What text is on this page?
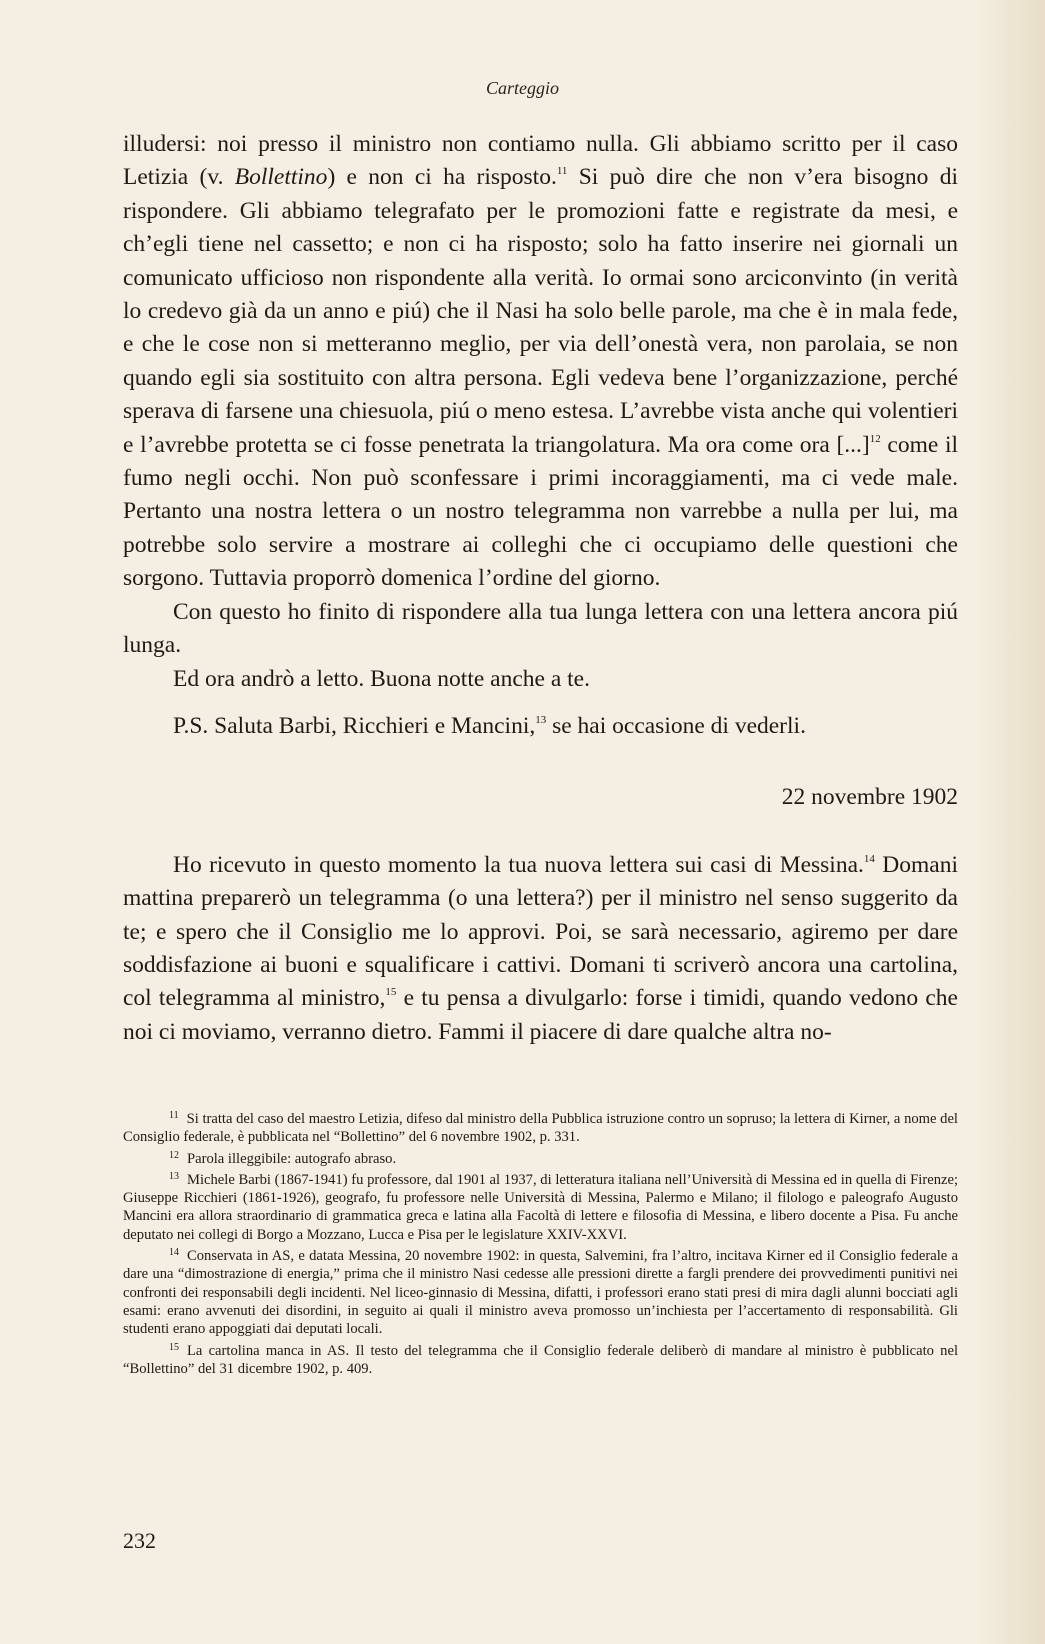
Carteggio

illudersi: noi presso il ministro non contiamo nulla. Gli abbiamo scritto per il caso Letizia (v. Bollettino) e non ci ha risposto.$^{11}$ Si può dire che non v’era bisogno di rispondere. Gli abbiamo telegrafato per le promozioni fatte e registrate da mesi, e ch’egli tiene nel cassetto; e non ci ha risposto; solo ha fatto inserire nei giornali un comunicato ufficioso non rispondente alla verità. Io ormai sono arciconvinto (in verità lo credevo già da un anno e piú) che il Nasi ha solo belle parole, ma che è in mala fede, e che le cose non si metteranno meglio, per via dell’onestà vera, non parolaia, se non quando egli sia sostituito con altra persona. Egli vedeva bene l’organizzazione, perché sperava di farsene una chiesuola, piú o meno estesa. L’avrebbe vista anche qui volentieri e l’avrebbe protetta se ci fosse penetrata la triangolatura. Ma ora come ora [...]$^{12}$ come il fumo negli occhi. Non può sconfessare i primi incoraggiamenti, ma ci vede male. Pertanto una nostra lettera o un nostro telegramma non varrebbe a nulla per lui, ma potrebbe solo servire a mostrare ai colleghi che ci occupiamo delle questioni che sorgono. Tuttavia proporrò domenica l’ordine del giorno.

Con questo ho finito di rispondere alla tua lunga lettera con una lettera ancora piú lunga.

Ed ora andrò a letto. Buona notte anche a te.

P.S. Saluta Barbi, Ricchieri e Mancini,$^{13}$ se hai occasione di vederli.

22 novembre 1902

Ho ricevuto in questo momento la tua nuova lettera sui casi di Messina.$^{14}$ Domani mattina preparerò un telegramma (o una lettera?) per il ministro nel senso suggerito da te; e spero che il Consiglio me lo approvi. Poi, se sarà necessario, agiremo per dare soddisfazione ai buoni e squalificare i cattivi. Domani ti scriverò ancora una cartolina, col telegramma al ministro,$^{15}$ e tu pensa a divulgarlo: forse i timidi, quando vedono che noi ci moviamo, verranno dietro. Fammi il piacere di dare qualche altra no-

$^{11}$ Si tratta del caso del maestro Letizia, difeso dal ministro della Pubblica istruzione contro un sopruso; la lettera di Kirner, a nome del Consiglio federale, è pubblicata nel “Bollettino” del 6 novembre 1902, p. 331.

$^{12}$ Parola illeggibile: autografo abraso.

$^{13}$ Michele Barbi (1867-1941) fu professore, dal 1901 al 1937, di letteratura italiana nell’Università di Messina ed in quella di Firenze; Giuseppe Ricchieri (1861-1926), geografo, fu professore nelle Università di Messina, Palermo e Milano; il filologo e paleografo Augusto Mancini era allora straordinario di grammatica greca e latina alla Facoltà di lettere e filosofia di Messina, e libero docente a Pisa. Fu anche deputato nei collegi di Borgo a Mozzano, Lucca e Pisa per le legislature XXIV-XXVI.

$^{14}$ Conservata in AS, e datata Messina, 20 novembre 1902: in questa, Salvemini, fra l’altro, incitava Kirner ed il Consiglio federale a dare una “dimostrazione di energia,” prima che il ministro Nasi cedesse alle pressioni dirette a fargli prendere dei provvedimenti punitivi nei confronti dei responsabili degli incidenti. Nel liceo-ginnasio di Messina, difatti, i professori erano stati presi di mira dagli alunni bocciati agli esami: erano avvenuti dei disordini, in seguito ai quali il ministro aveva promosso un’inchiesta per l’accertamento di responsabilità. Gli studenti erano appoggiati dai deputati locali.

$^{15}$ La cartolina manca in AS. Il testo del telegramma che il Consiglio federale deliberò di mandare al ministro è pubblicato nel “Bollettino” del 31 dicembre 1902, p. 409.

232
